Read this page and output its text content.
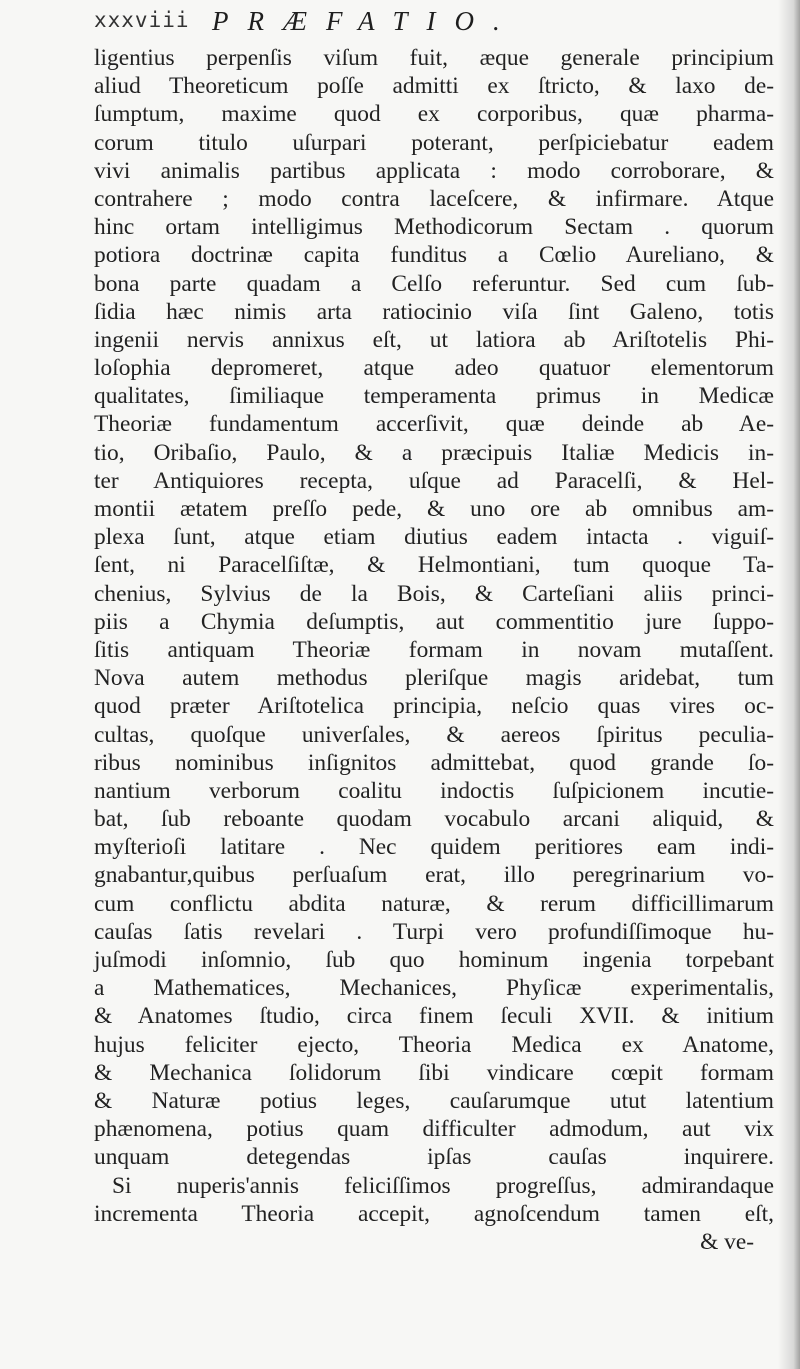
xxxviii PRÆFATIO.
ligentius perpenſis viſum fuit, æque generale principium
aliud Theoreticum poſſe admitti ex ſtricto, & laxo de-
ſumptum, maxime quod ex corporibus, quæ pharma-
corum titulo uſurpari poterant, perſpiciebatur eadem
vivi animalis partibus applicata : modo corroborare, &
contrahere ; modo contra laceſcere, & infirmare. Atque
hinc ortam intelligimus Methodicorum Sectam . quorum
potiora doctrinæ capita funditus a Cœlio Aureliano, &
bona parte quadam a Celſo referuntur. Sed cum ſub-
ſidia hæc nimis arta ratiocinio viſa ſint Galeno, totis
ingenii nervis annixus eſt, ut latiora ab Ariſtotelis Phi-
loſophia depromeret, atque adeo quatuor elementorum
qualitates, ſimiliaque temperamenta primus in Medicæ
Theoriæ fundamentum accerſivit, quæ deinde ab Ae-
tio, Oribaſio, Paulo, & a præcipuis Italiæ Medicis in-
ter Antiquiores recepta, uſque ad Paracelſi, & Hel-
montii ætatem preſſo pede, & uno ore ab omnibus am-
plexa ſunt, atque etiam diutius eadem intacta . viguiſ-
ſent, ni Paracelſiſtæ, & Helmontiani, tum quoque Ta-
chenius, Sylvius de la Bois, & Carteſiani aliis princi-
piis a Chymia deſumptis, aut commentitio jure ſuppo-
ſitis antiquam Theoriæ formam in novam mutaſſent.
Nova autem methodus pleriſque magis aridebat, tum
quod præter Ariſtotelica principia, neſcio quas vires oc-
cultas, quoſque univerſales, & aereos ſpiritus peculia-
ribus nominibus inſignitos admittebat, quod grande ſo-
nantium verborum coalitu indoctis ſuſpicionem incutie-
bat, ſub reboante quodam vocabulo arcani aliquid, &
myſterioſi latitare . Nec quidem peritiores eam indi-
gnabantur,quibus perſuaſum erat, illo peregrinarium vo-
cum conflictu abdita naturæ, & rerum difficillimarum
cauſas ſatis revelari . Turpi vero profundiſſimoque hu-
juſmodi inſomnio, ſub quo hominum ingenia torpebant
a Mathematices, Mechanices, Phyſicæ experimentalis,
& Anatomes ſtudio, circa finem ſeculi XVII. & initium
hujus feliciter ejecto, Theoria Medica ex Anatome,
& Mechanica ſolidorum ſibi vindicare cœpit formam
& Naturæ potius leges, cauſarumque utut latentium
phænomena, potius quam difficulter admodum, aut vix
unquam detegendas ipſas cauſas inquirere.
Si nuperis'annis feliciſſimos progreſſus, admirandaque
incrementa Theoria accepit, agnoſcendum tamen eſt,
& ve-
